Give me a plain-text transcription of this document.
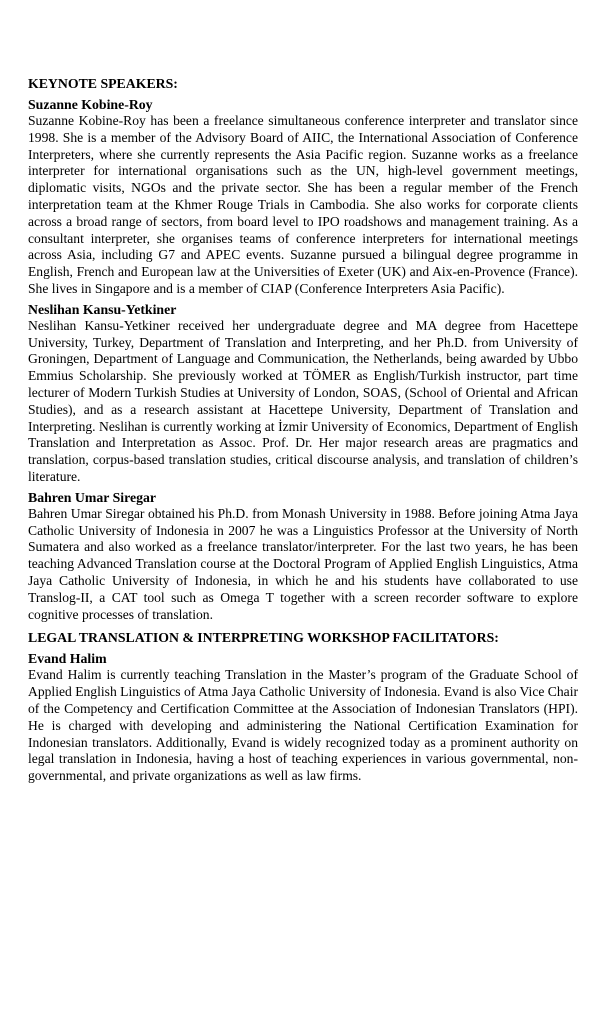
KEYNOTE SPEAKERS:
Suzanne Kobine-Roy

Suzanne Kobine-Roy has been a freelance simultaneous conference interpreter and translator since 1998. She is a member of the Advisory Board of AIIC, the International Association of Conference Interpreters, where she currently represents the Asia Pacific region. Suzanne works as a freelance interpreter for international organisations such as the UN, high-level government meetings, diplomatic visits, NGOs and the private sector. She has been a regular member of the French interpretation team at the Khmer Rouge Trials in Cambodia. She also works for corporate clients across a broad range of sectors, from board level to IPO roadshows and management training. As a consultant interpreter, she organises teams of conference interpreters for international meetings across Asia, including G7 and APEC events. Suzanne pursued a bilingual degree programme in English, French and European law at the Universities of Exeter (UK) and Aix-en-Provence (France). She lives in Singapore and is a member of CIAP (Conference Interpreters Asia Pacific).

Neslihan Kansu-Yetkiner

Neslihan Kansu-Yetkiner received her undergraduate degree and MA degree from Hacettepe University, Turkey, Department of Translation and Interpreting, and her Ph.D. from University of Groningen, Department of Language and Communication, the Netherlands, being awarded by Ubbo Emmius Scholarship. She previously worked at TÖMER as English/Turkish instructor, part time lecturer of Modern Turkish Studies at University of London, SOAS, (School of Oriental and African Studies), and as a research assistant at Hacettepe University, Department of Translation and Interpreting. Neslihan is currently working at İzmir University of Economics, Department of English Translation and Interpretation as Assoc. Prof. Dr. Her major research areas are pragmatics and translation, corpus-based translation studies, critical discourse analysis, and translation of children’s literature.

Bahren Umar Siregar

Bahren Umar Siregar obtained his Ph.D. from Monash University in 1988. Before joining Atma Jaya Catholic University of Indonesia in 2007 he was a Linguistics Professor at the University of North Sumatera and also worked as a freelance translator/interpreter. For the last two years, he has been teaching Advanced Translation course at the Doctoral Program of Applied English Linguistics, Atma Jaya Catholic University of Indonesia, in which he and his students have collaborated to use Translog-II, a CAT tool such as Omega T together with a screen recorder software to explore cognitive processes of translation.

LEGAL TRANSLATION & INTERPRETING WORKSHOP FACILITATORS:
Evand Halim

Evand Halim is currently teaching Translation in the Master’s program of the Graduate School of Applied English Linguistics of Atma Jaya Catholic University of Indonesia. Evand is also Vice Chair of the Competency and Certification Committee at the Association of Indonesian Translators (HPI). He is charged with developing and administering the National Certification Examination for Indonesian translators. Additionally, Evand is widely recognized today as a prominent authority on legal translation in Indonesia, having a host of teaching experiences in various governmental, non-governmental, and private organizations as well as law firms.
